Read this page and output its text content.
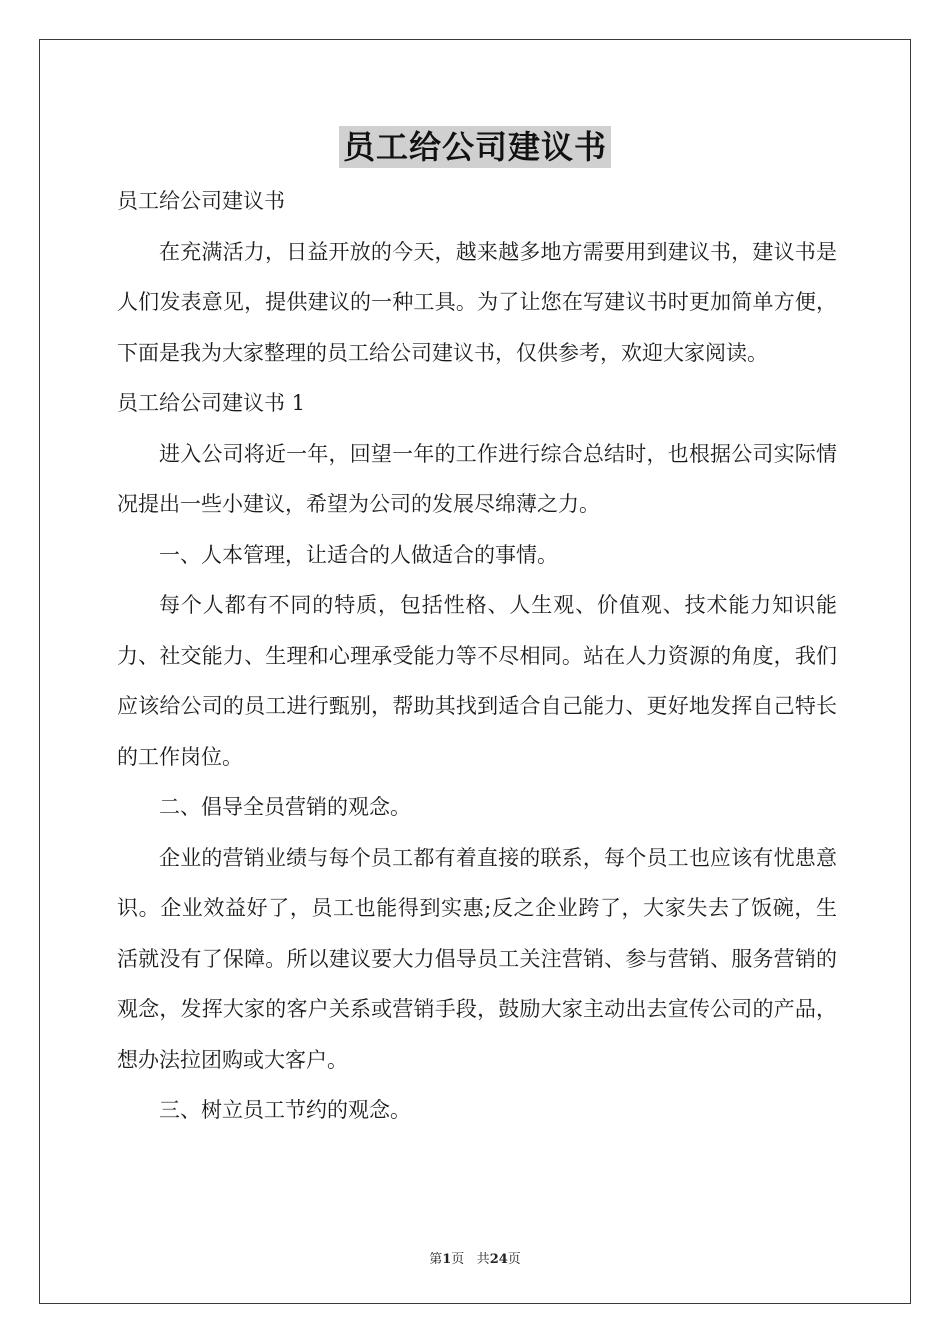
员工给公司建议书

员工给公司建议书

在充满活力，日益开放的今天，越来越多地方需要用到建议书，建议书是人们发表意见，提供建议的一种工具。为了让您在写建议书时更加简单方便，下面是我为大家整理的员工给公司建议书，仅供参考，欢迎大家阅读。

员工给公司建议书 1

进入公司将近一年，回望一年的工作进行综合总结时，也根据公司实际情况提出一些小建议，希望为公司的发展尽绵薄之力。

一、人本管理，让适合的人做适合的事情。

每个人都有不同的特质，包括性格、人生观、价值观、技术能力知识能力、社交能力、生理和心理承受能力等不尽相同。站在人力资源的角度，我们应该给公司的员工进行甄别，帮助其找到适合自己能力、更好地发挥自己特长的工作岗位。

二、倡导全员营销的观念。

企业的营销业绩与每个员工都有着直接的联系，每个员工也应该有忧患意识。企业效益好了，员工也能得到实惠;反之企业跨了，大家失去了饭碗，生活就没有了保障。所以建议要大力倡导员工关注营销、参与营销、服务营销的观念，发挥大家的客户关系或营销手段，鼓励大家主动出去宣传公司的产品，想办法拉团购或大客户。

三、树立员工节约的观念。

第1页 共24页
